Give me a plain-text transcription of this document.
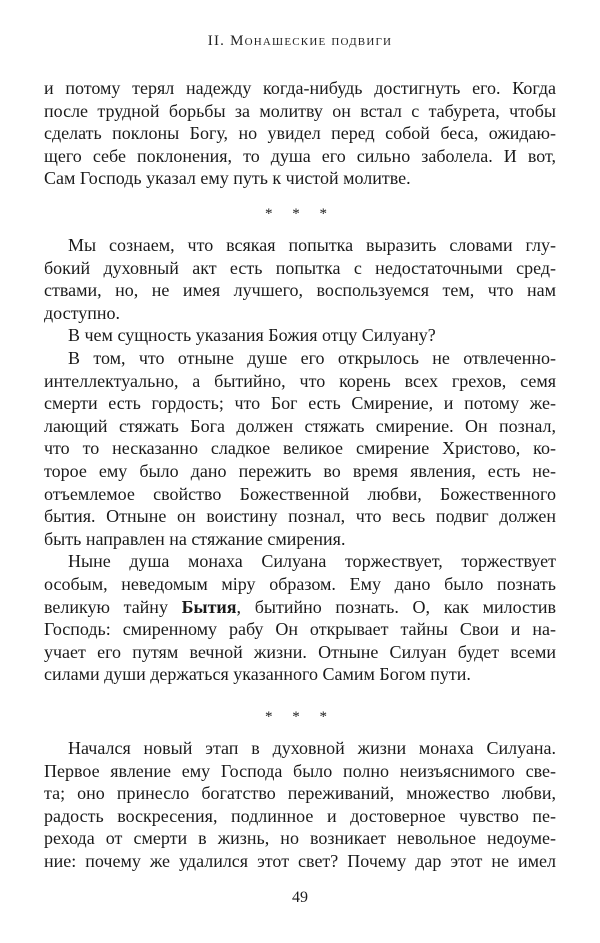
II. Монашеские подвиги
и потому терял надежду когда-нибудь достигнуть его. Когда
после трудной борьбы за молитву он встал с табурета, чтобы
сделать поклоны Богу, но увидел перед собой беса, ожидаю-
щего себе поклонения, то душа его сильно заболела. И вот,
Сам Господь указал ему путь к чистой молитве.
* * *
Мы сознаем, что всякая попытка выразить словами глу-
бокий духовный акт есть попытка с недостаточными сред-
ствами, но, не имея лучшего, воспользуемся тем, что нам
доступно.
В чем сущность указания Божия отцу Силуану?
В том, что отныне душе его открылось не отвлеченно-
интеллектуально, а бытийно, что корень всех грехов, семя
смерти есть гордость; что Бог есть Смирение, и потому же-
лающий стяжать Бога должен стяжать смирение. Он познал,
что то несказанно сладкое великое смирение Христово, ко-
торое ему было дано пережить во время явления, есть не-
отъемлемое свойство Божественной любви, Божественного
бытия. Отныне он воистину познал, что весь подвиг должен
быть направлен на стяжание смирения.
Ныне душа монаха Силуана торжествует, торжествует
особым, неведомым міру образом. Ему дано было познать
великую тайну Бытия, бытийно познать. О, как милостив
Господь: смиренному рабу Он открывает тайны Свои и на-
учает его путям вечной жизни. Отныне Силуан будет всеми
силами души держаться указанного Самим Богом пути.
* * *
Начался новый этап в духовной жизни монаха Силуана.
Первое явление ему Господа было полно неизъяснимого све-
та; оно принесло богатство переживаний, множество любви,
радость воскресения, подлинное и достоверное чувство пе-
рехода от смерти в жизнь, но возникает невольное недоуме-
ние: почему же удалился этот свет? Почему дар этот не имел
49
